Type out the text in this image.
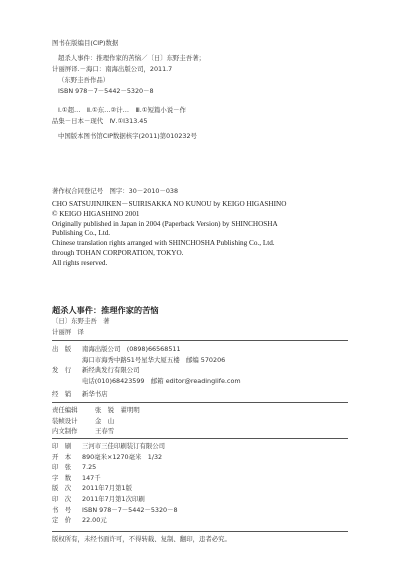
图书在版编目(CIP)数据
超杀人事件：推理作家的苦恼／〔日〕东野圭吾著；
计丽屏译.－海口：南海出版公司，2011.7
（东野圭吾作品）
ISBN 978－7－5442－5320－8
Ⅰ.①超…　Ⅱ.①东…②计…　Ⅲ.①短篇小说－作
品集－日本－现代　Ⅳ.①I313.45
中国版本图书馆CIP数据核字(2011)第010232号
著作权合同登记号　图字：30－2010－038
CHO SATSUJINJIKEN－SUIRISAKKA NO KUNOU by KEIGO HIGASHINO
© KEIGO HIGASHINO 2001
Originally published in Japan in 2004 (Paperback Version) by SHINCHOSHA
Publishing Co., Ltd.
Chinese translation rights arranged with SHINCHOSHA Publishing Co., Ltd.
through TOHAN CORPORATION, TOKYO.
All rights reserved.
超杀人事件：推理作家的苦恼
〔日〕东野圭吾　著
计丽屏　译
出　版	南海出版公司　(0898)66568511
海口市海秀中路51号星华大厦五楼　邮编 570206
发　行	新经典发行有限公司
电话(010)68423599　邮箱 editor@readinglife.com
经　销	新华书店
责任编辑	张　锐　翟明明
装帧设计	金　山
内文制作	王春雪
印　刷	三河市三佳印刷装订有限公司
开　本	890毫米×1270毫米　1/32
印　张	7.25
字　数	147千
版　次	2011年7月第1版
印　次	2011年7月第1次印刷
书　号	ISBN 978－7－5442－5320－8
定　价	22.00元
版权所有，未经书面许可，不得转载、复制、翻印，违者必究。
